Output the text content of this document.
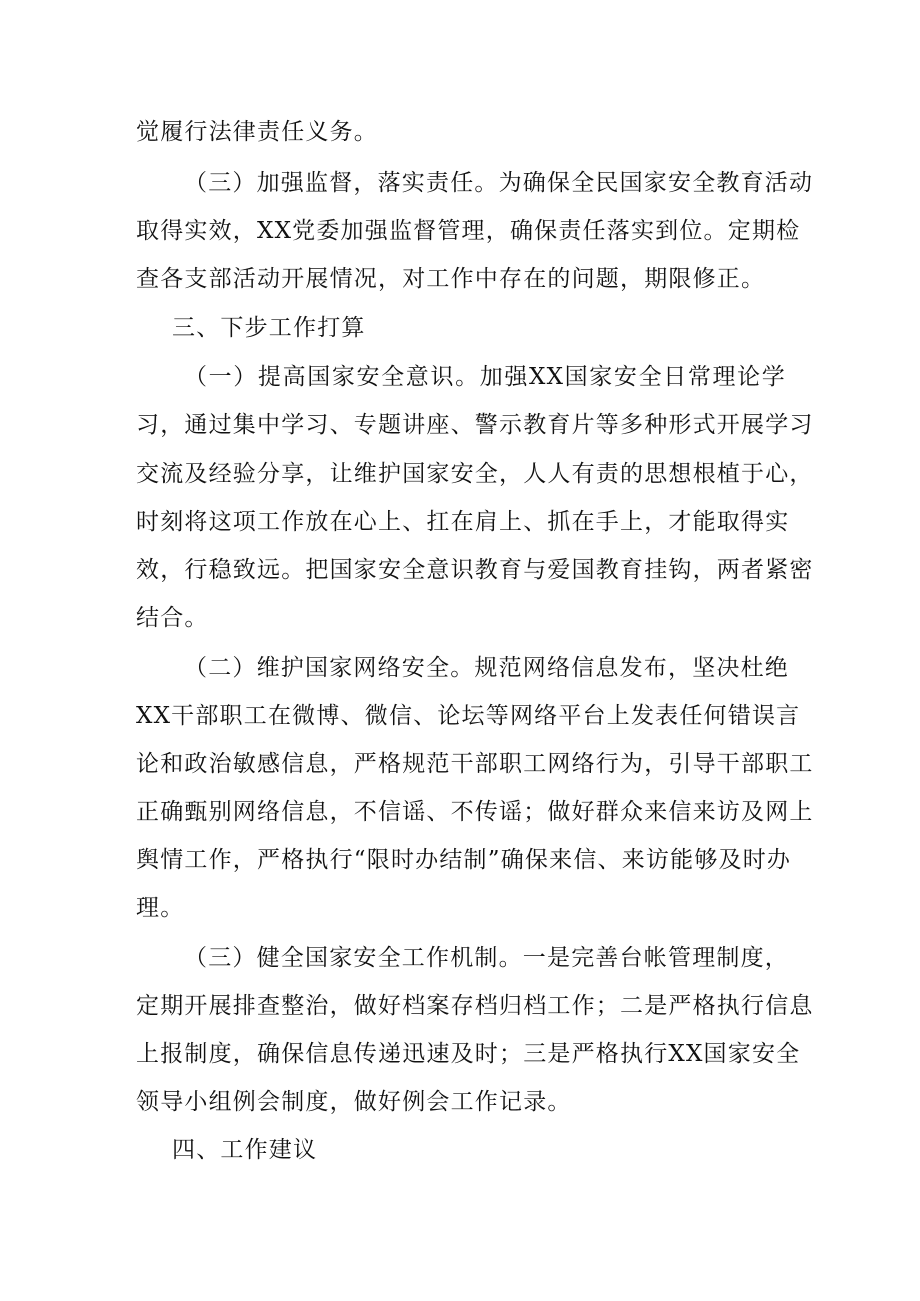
觉履行法律责任义务。
（三）加强监督，落实责任。为确保全民国家安全教育活动
取得实效，XX党委加强监督管理，确保责任落实到位。定期检
查各支部活动开展情况，对工作中存在的问题，期限修正。
三、下步工作打算
（一）提高国家安全意识。加强XX国家安全日常理论学
习，通过集中学习、专题讲座、警示教育片等多种形式开展学习
交流及经验分享，让维护国家安全，人人有责的思想根植于心，
时刻将这项工作放在心上、扛在肩上、抓在手上，才能取得实
效，行稳致远。把国家安全意识教育与爱国教育挂钩，两者紧密
结合。
（二）维护国家网络安全。规范网络信息发布，坚决杜绝
XX干部职工在微博、微信、论坛等网络平台上发表任何错误言
论和政治敏感信息，严格规范干部职工网络行为，引导干部职工
正确甄别网络信息，不信谣、不传谣；做好群众来信来访及网上
舆情工作，严格执行“限时办结制”确保来信、来访能够及时办
理。
（三）健全国家安全工作机制。一是完善台帐管理制度，
定期开展排查整治，做好档案存档归档工作；二是严格执行信息
上报制度，确保信息传递迅速及时；三是严格执行XX国家安全
领导小组例会制度，做好例会工作记录。
四、工作建议
